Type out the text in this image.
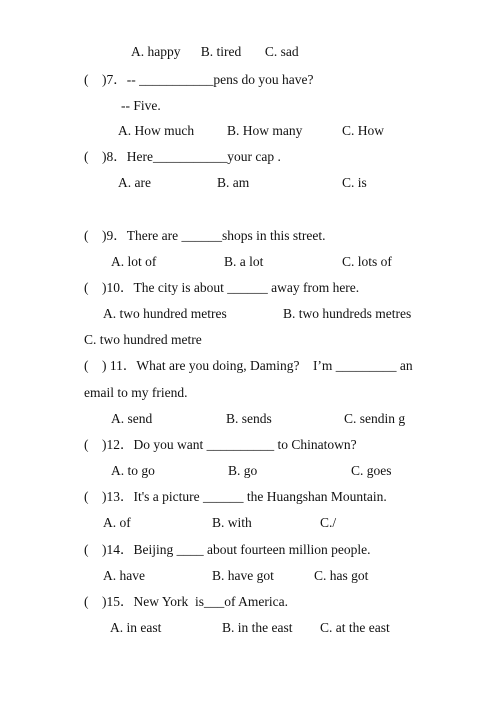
A. happy      B. tired       C. sad
(    )7．-- ___________pens do you have?
-- Five.
A. How much B. How many	C. How
(    )8．Here___________your cap .
A. are	B. am	C. is
(    )9．There are ______shops in this street.
A. lot of	B. a lot	C. lots of
(    )10．The city is about ______ away from here.
A. two hundred metres	B. two hundreds metres
C. two hundred metre
(    ) 11．What are you doing, Daming?    I’m _________ an
email to my friend.
A. send	B. sends	C. sendin g
(    )12．Do you want __________ to Chinatown?
A. to go	B. go	C. goes
(    )13．It's a picture ______ the Huangshan Mountain.
A. of	B. with	C./
(    )14．Beijing ____ about fourteen million people.
A. have	B. have got	C. has got
(    )15．New York  is___of America.
A. in east	B. in the east C. at the east
